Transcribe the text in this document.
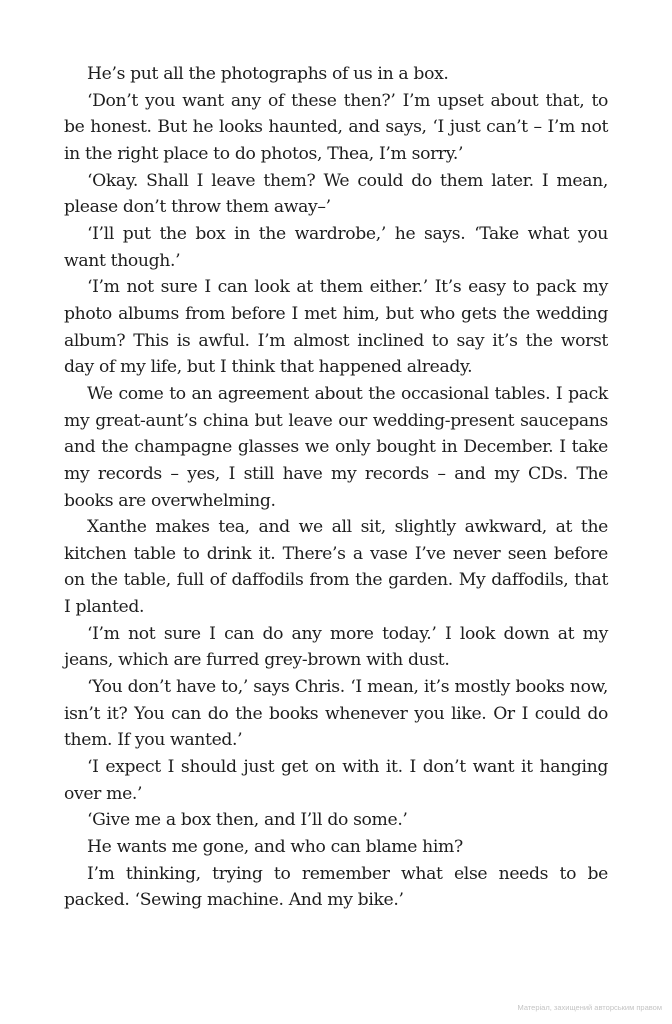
He’s put all the photographs of us in a box.

‘Don’t you want any of these then?’ I’m upset about that, to be honest. But he looks haunted, and says, ‘I just can’t – I’m not in the right place to do photos, Thea, I’m sorry.’

‘Okay. Shall I leave them? We could do them later. I mean, please don’t throw them away–’

‘I’ll put the box in the wardrobe,’ he says. ‘Take what you want though.’

‘I’m not sure I can look at them either.’ It’s easy to pack my photo albums from before I met him, but who gets the wedding album? This is awful. I’m almost inclined to say it’s the worst day of my life, but I think that happened already.

We come to an agreement about the occasional tables. I pack my great-aunt’s china but leave our wedding-present saucepans and the champagne glasses we only bought in December. I take my records – yes, I still have my records – and my CDs. The books are overwhelming.

Xanthe makes tea, and we all sit, slightly awkward, at the kitchen table to drink it. There’s a vase I’ve never seen before on the table, full of daffodils from the garden. My daffodils, that I planted.

‘I’m not sure I can do any more today.’ I look down at my jeans, which are furred grey-brown with dust.

‘You don’t have to,’ says Chris. ‘I mean, it’s mostly books now, isn’t it? You can do the books whenever you like. Or I could do them. If you wanted.’

‘I expect I should just get on with it. I don’t want it hanging over me.’

‘Give me a box then, and I’ll do some.’

He wants me gone, and who can blame him?

I’m thinking, trying to remember what else needs to be packed. ‘Sewing machine. And my bike.’

Матеріал, захищений авторським правом
